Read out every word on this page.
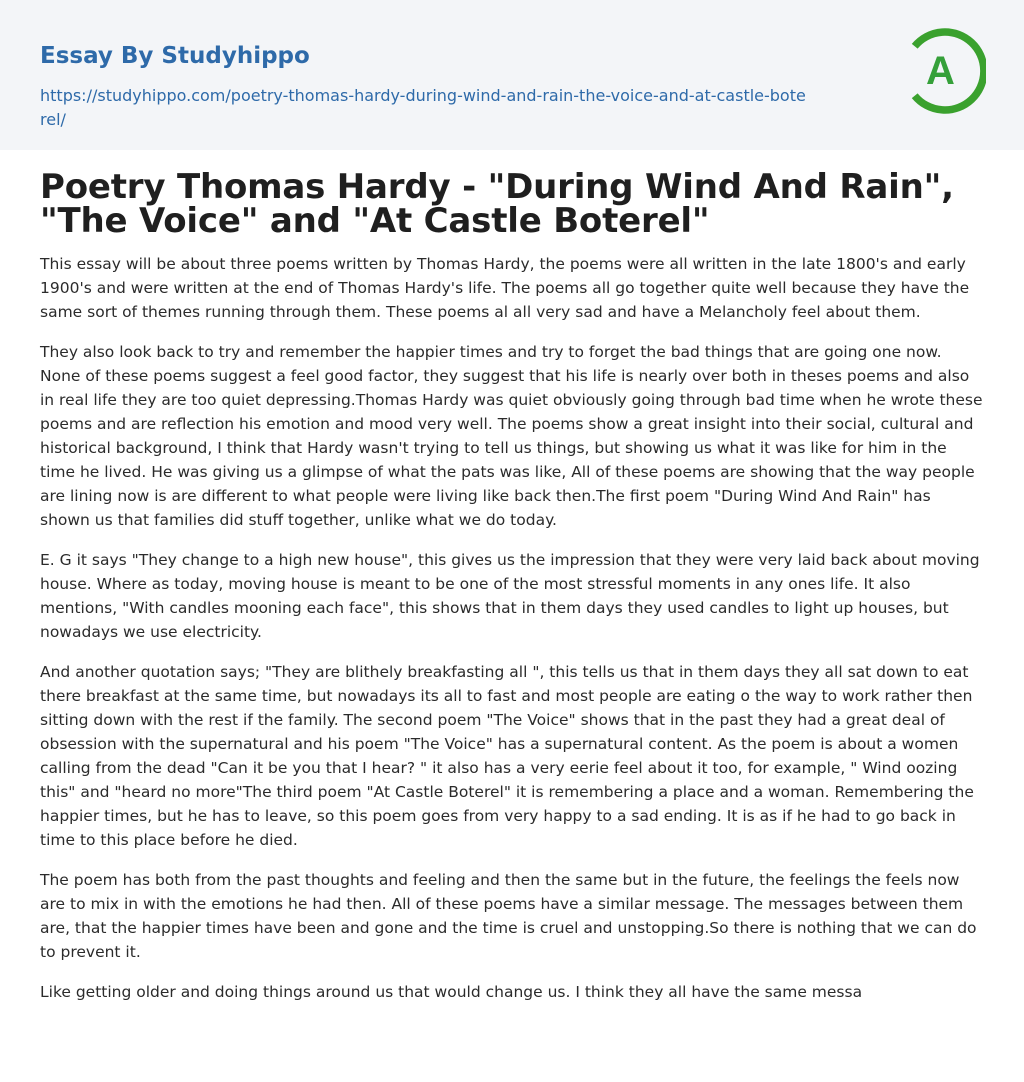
Essay By Studyhippo
https://studyhippo.com/poetry-thomas-hardy-during-wind-and-rain-the-voice-and-at-castle-boterel/
A
Poetry Thomas Hardy - "During Wind And Rain", "The Voice" and "At Castle Boterel"

This essay will be about three poems written by Thomas Hardy, the poems were all written in the late 1800's and early 1900's and were written at the end of Thomas Hardy's life. The poems all go together quite well because they have the same sort of themes running through them. These poems al all very sad and have a Melancholy feel about them.

They also look back to try and remember the happier times and try to forget the bad things that are going one now. None of these poems suggest a feel good factor, they suggest that his life is nearly over both in theses poems and also in real life they are too quiet depressing.Thomas Hardy was quiet obviously going through bad time when he wrote these poems and are reflection his emotion and mood very well. The poems show a great insight into their social, cultural and historical background, I think that Hardy wasn't trying to tell us things, but showing us what it was like for him in the time he lived. He was giving us a glimpse of what the pats was like, All of these poems are showing that the way people are lining now is are different to what people were living like back then.The first poem "During Wind And Rain" has shown us that families did stuff together, unlike what we do today.

E. G it says "They change to a high new house", this gives us the impression that they were very laid back about moving house. Where as today, moving house is meant to be one of the most stressful moments in any ones life. It also mentions, "With candles mooning each face", this shows that in them days they used candles to light up houses, but nowadays we use electricity.

And another quotation says; "They are blithely breakfasting all ", this tells us that in them days they all sat down to eat there breakfast at the same time, but nowadays its all to fast and most people are eating o the way to work rather then sitting down with the rest if the family. The second poem "The Voice" shows that in the past they had a great deal of obsession with the supernatural and his poem "The Voice" has a supernatural content. As the poem is about a women calling from the dead "Can it be you that I hear? " it also has a very eerie feel about it too, for example, " Wind oozing this" and "heard no more"The third poem "At Castle Boterel" it is remembering a place and a woman. Remembering the happier times, but he has to leave, so this poem goes from very happy to a sad ending. It is as if he had to go back in time to this place before he died.

The poem has both from the past thoughts and feeling and then the same but in the future, the feelings the feels now are to mix in with the emotions he had then. All of these poems have a similar message. The messages between them are, that the happier times have been and gone and the time is cruel and unstopping.So there is nothing that we can do to prevent it.

Like getting older and doing things around us that would change us. I think they all have the same messa
